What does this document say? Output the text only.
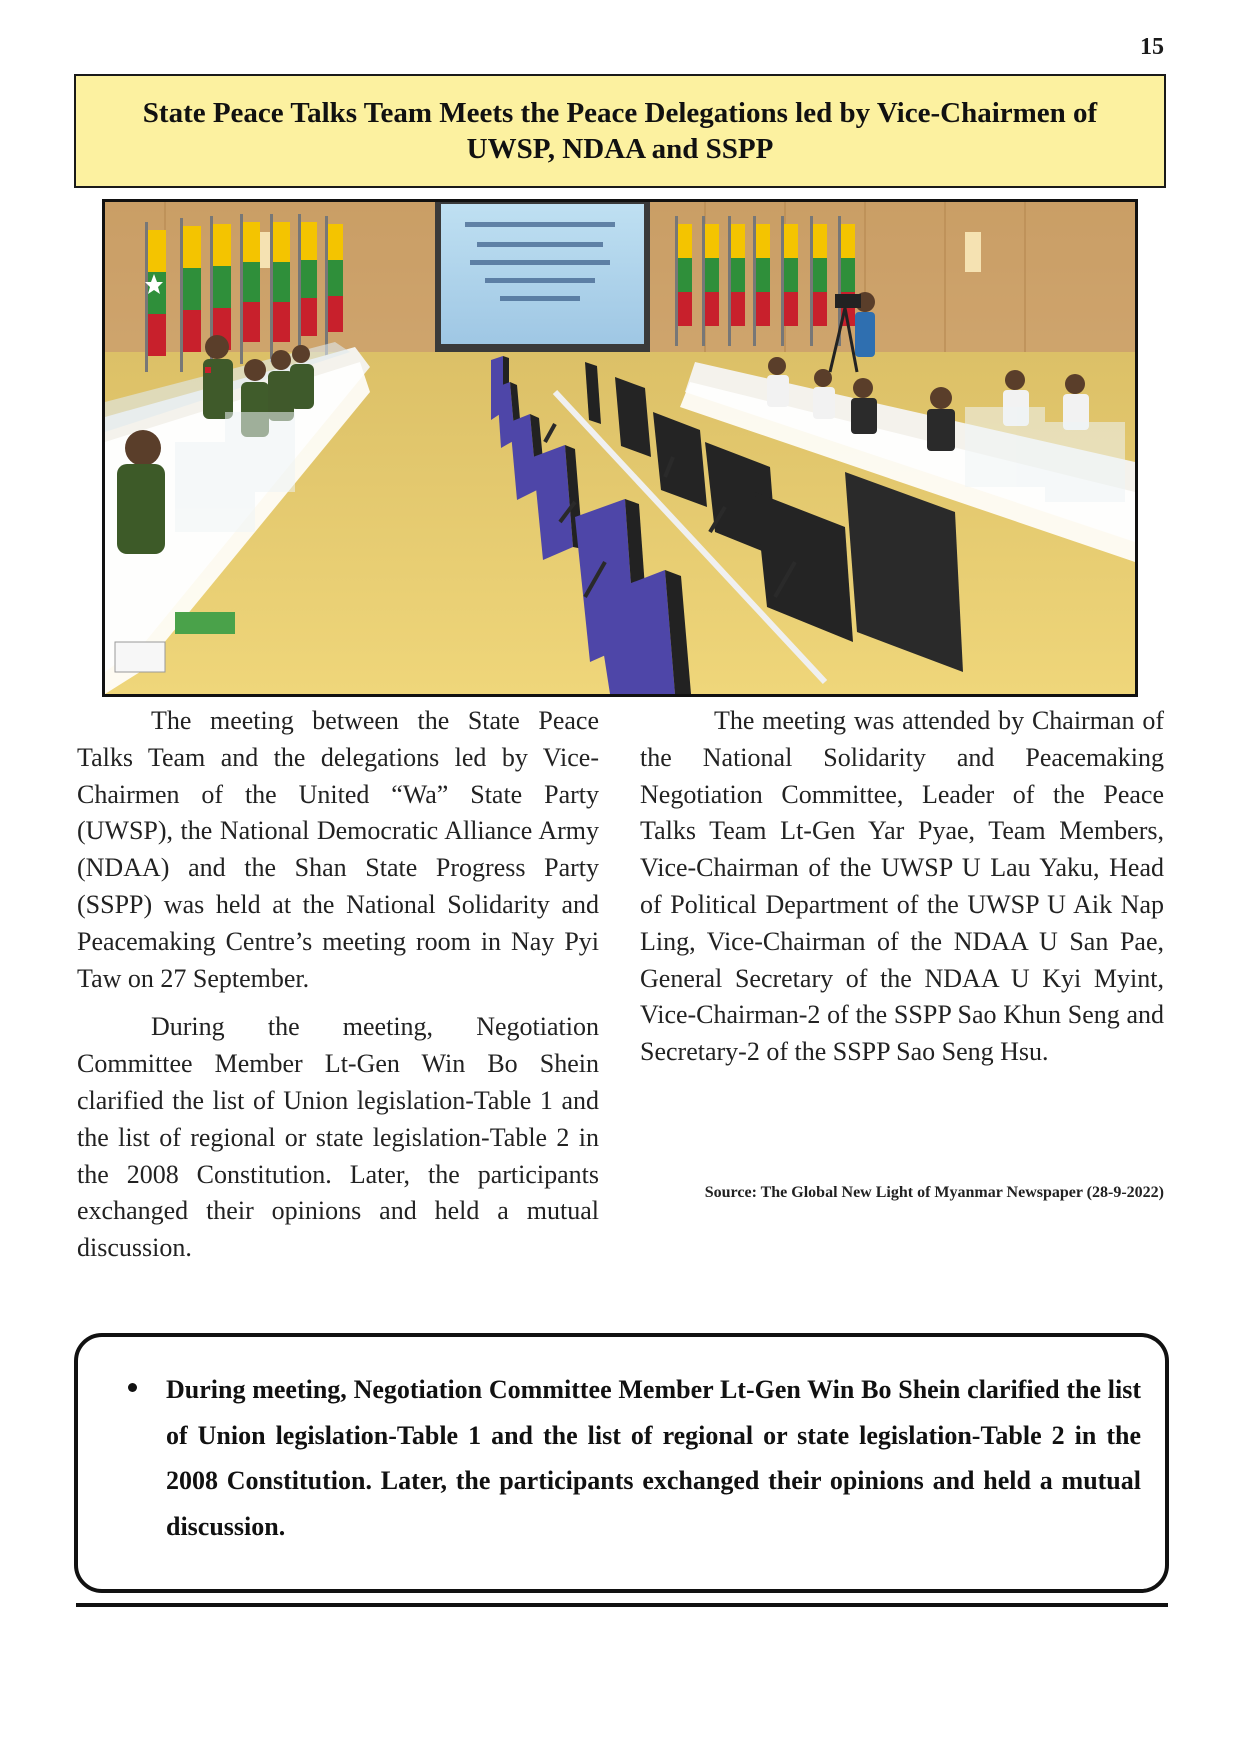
15
State Peace Talks Team Meets the Peace Delegations led by Vice-Chairmen of UWSP, NDAA and SSPP

The meeting between the State Peace Talks Team and the delegations led by Vice-Chairmen of the United “Wa” State Party (UWSP), the National Democratic Alliance Army (NDAA) and the Shan State Progress Party (SSPP) was held at the National Solidarity and Peacemaking Centre’s meeting room in Nay Pyi Taw on 27 September.

During the meeting, Negotiation Committee Member Lt-Gen Win Bo Shein clarified the list of Union legislation-Table 1 and the list of regional or state legislation-Table 2 in the 2008 Constitution. Later, the participants exchanged their opinions and held a mutual discussion.

The meeting was attended by Chairman of the National Solidarity and Peacemaking Negotiation Committee, Leader of the Peace Talks Team Lt-Gen Yar Pyae, Team Members, Vice-Chairman of the UWSP U Lau Yaku, Head of Political Department of the UWSP U Aik Nap Ling, Vice-Chairman of the NDAA U San Pae, General Secretary of the NDAA U Kyi Myint, Vice-Chairman-2 of the SSPP Sao Khun Seng and Secretary-2 of the SSPP Sao Seng Hsu.

Source: The Global New Light of Myanmar Newspaper (28-9-2022)
During meeting, Negotiation Committee Member Lt-Gen Win Bo Shein clarified the list of Union legislation-Table 1 and the list of regional or state legislation-Table 2 in the 2008 Constitution. Later, the participants exchanged their opinions and held a mutual discussion.
